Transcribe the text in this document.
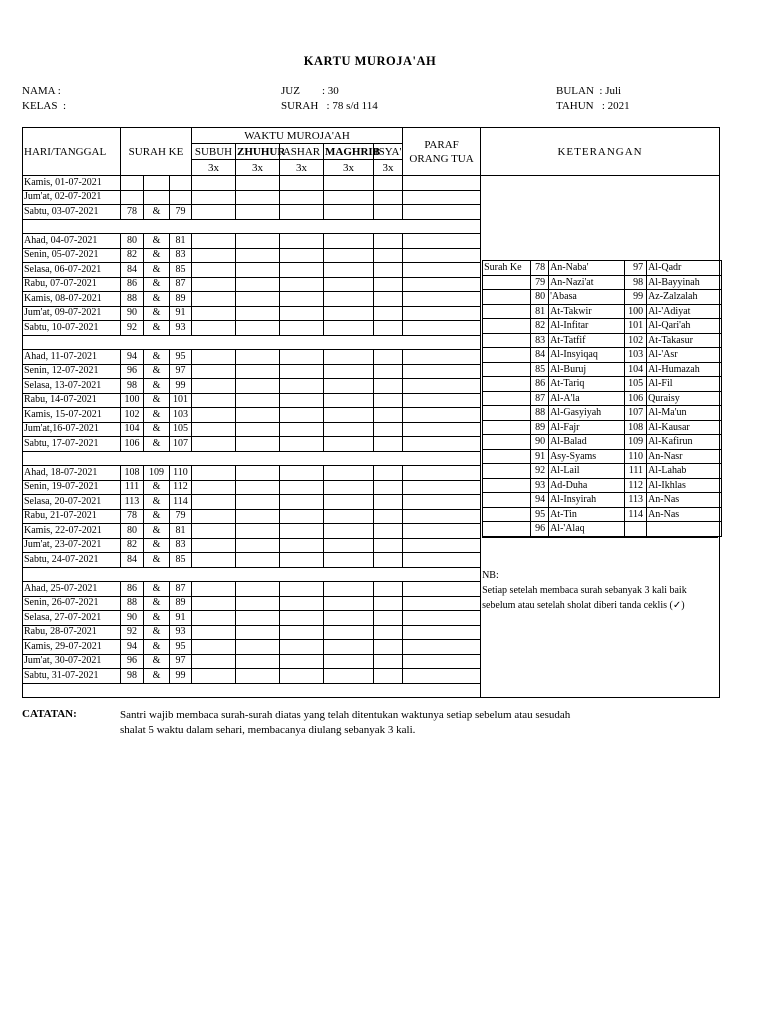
KARTU MUROJA'AH
NAMA :
KELAS  :
JUZ        : 30
SURAH   : 78 s/d 114
BULAN  : Juli
TAHUN   : 2021
HARI/TANGGAL	SURAH KE	WAKTU MUROJA'AH	PARAF
ORANG TUA	KETERANGAN
SUBUH	ZHUHUR	ASHAR	MAGHRIB	ISYA'
3x	3x	3x	3x	3x
Kamis, 01-07-2021										
Surah Ke	78	An-Naba'	97	Al-Qadr
	79	An-Nazi'at	98	Al-Bayyinah
	80	'Abasa	99	Az-Zalzalah
	81	At-Takwir	100	Al-'Adiyat
	82	Al-Infitar	101	Al-Qari'ah
	83	At-Tatfif	102	At-Takasur
	84	Al-Insyiqaq	103	Al-'Asr
	85	Al-Buruj	104	Al-Humazah
	86	At-Tariq	105	Al-Fil
	87	Al-A'la	106	Quraisy
	88	Al-Gasyiyah	107	Al-Ma'un
	89	Al-Fajr	108	Al-Kausar
	90	Al-Balad	109	Al-Kafirun
	91	Asy-Syams	110	An-Nasr
	92	Al-Lail	111	Al-Lahab
	93	Ad-Duha	112	Al-Ikhlas
	94	Al-Insyirah	113	An-Nas
	95	At-Tin	114	An-Nas
	96	Al-'Alaq		
NB:
Setiap setelah membaca surah sebanyak 3 kali baik sebelum atau setelah sholat diberi tanda ceklis (✓)

Jum'at, 02-07-2021									
Sabtu, 03-07-2021	78	&	79						

Ahad, 04-07-2021	80	&	81						
Senin, 05-07-2021	82	&	83						
Selasa, 06-07-2021	84	&	85						
Rabu, 07-07-2021	86	&	87						
Kamis, 08-07-2021	88	&	89						
Jum'at, 09-07-2021	90	&	91						
Sabtu, 10-07-2021	92	&	93						

Ahad, 11-07-2021	94	&	95						
Senin, 12-07-2021	96	&	97						
Selasa, 13-07-2021	98	&	99						
Rabu, 14-07-2021	100	&	101						
Kamis, 15-07-2021	102	&	103						
Jum'at,16-07-2021	104	&	105						
Sabtu, 17-07-2021	106	&	107						

Ahad, 18-07-2021	108	109	110						
Senin, 19-07-2021	111	&	112						
Selasa, 20-07-2021	113	&	114						
Rabu, 21-07-2021	78	&	79						
Kamis, 22-07-2021	80	&	81						
Jum'at, 23-07-2021	82	&	83						
Sabtu, 24-07-2021	84	&	85						

Ahad, 25-07-2021	86	&	87						
Senin, 26-07-2021	88	&	89						
Selasa, 27-07-2021	90	&	91						
Rabu, 28-07-2021	92	&	93						
Kamis, 29-07-2021	94	&	95						
Jum'at, 30-07-2021	96	&	97						
Sabtu, 31-07-2021	98	&	99						

CATATAN:	Santri wajib membaca surah-surah diatas yang telah ditentukan waktunya setiap sebelum atau sesudah
shalat 5 waktu dalam sehari, membacanya diulang sebanyak 3 kali.
